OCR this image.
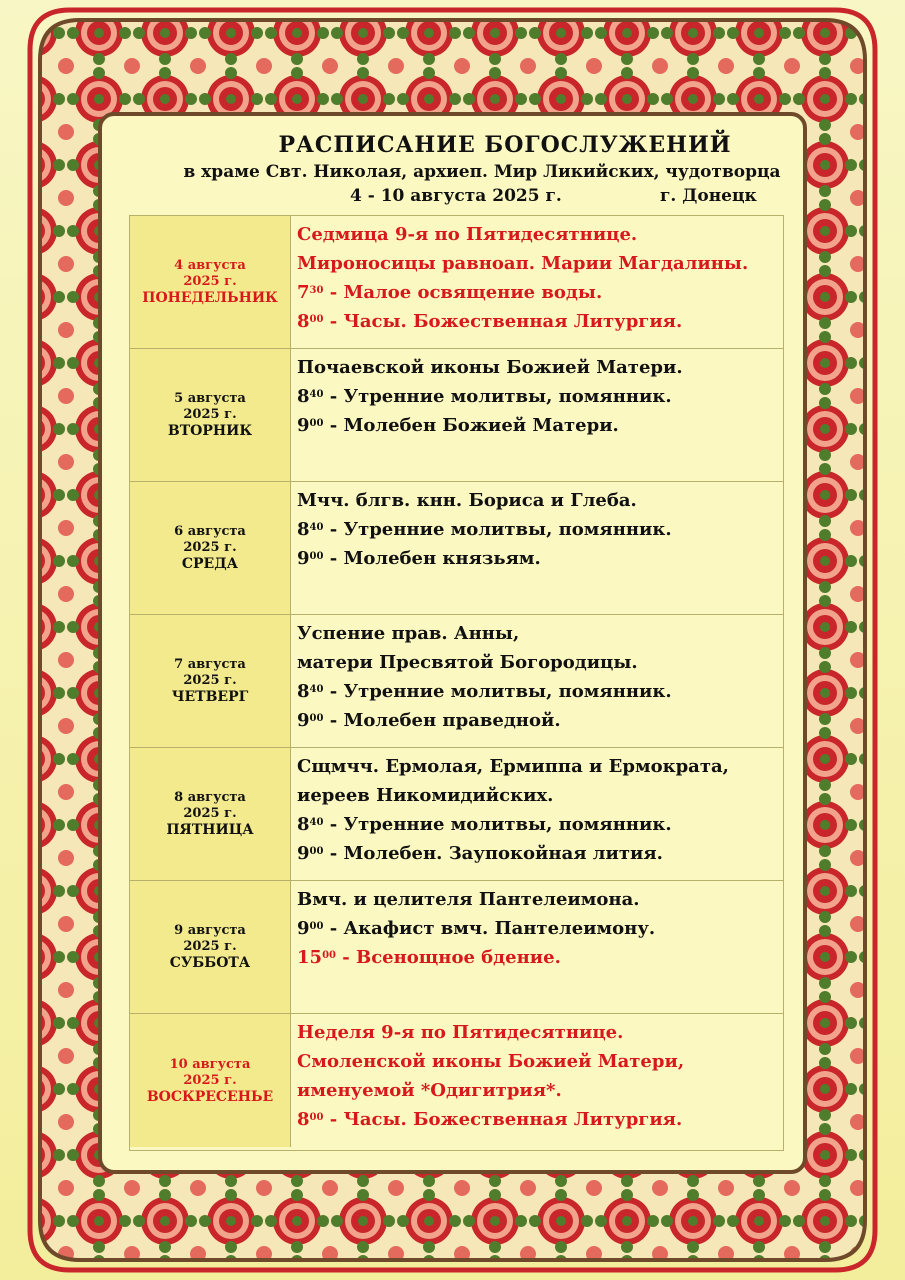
РАСПИСАНИЕ БОГОСЛУЖЕНИЙ
в храме Свт. Николая, архиеп. Мир Ликийских, чудотворца
4 - 10 августа 2025 г.	г. Донецк
4 августа
2025 г.
ПОНЕДЕЛЬНИК
Седмица 9-я по Пятидесятнице.
Мироносицы равноап. Марии Магдалины.
$7^{30}$ - Малое освящение воды.
$8^{00}$ - Часы. Божественная Литургия.
5 августа
2025 г.
ВТОРНИК
Почаевской иконы Божией Матери.
$8^{40}$ - Утренние молитвы, помянник.
$9^{00}$ - Молебен Божией Матери.
6 августа
2025 г.
СРЕДА
Мчч. блгв. кнн. Бориса и Глеба.
$8^{40}$ - Утренние молитвы, помянник.
$9^{00}$ - Молебен князьям.
7 августа
2025 г.
ЧЕТВЕРГ
Успение прав. Анны,
матери Пресвятой Богородицы.
$8^{40}$ - Утренние молитвы, помянник.
$9^{00}$ - Молебен праведной.
8 августа
2025 г.
ПЯТНИЦА
Сщмчч. Ермолая, Ермиппа и Ермократа,
иереев Никомидийских.
$8^{40}$ - Утренние молитвы, помянник.
$9^{00}$ - Молебен. Заупокойная лития.
9 августа
2025 г.
СУББОТА
Вмч. и целителя Пантелеимона.
$9^{00}$ - Акафист вмч. Пантелеимону.
$15^{00}$ - Всенощное бдение.
10 августа
2025 г.
ВОСКРЕСЕНЬЕ
Неделя 9-я по Пятидесятнице.
Смоленской иконы Божией Матери,
именуемой *Одигитрия*.
$8^{00}$ - Часы. Божественная Литургия.
